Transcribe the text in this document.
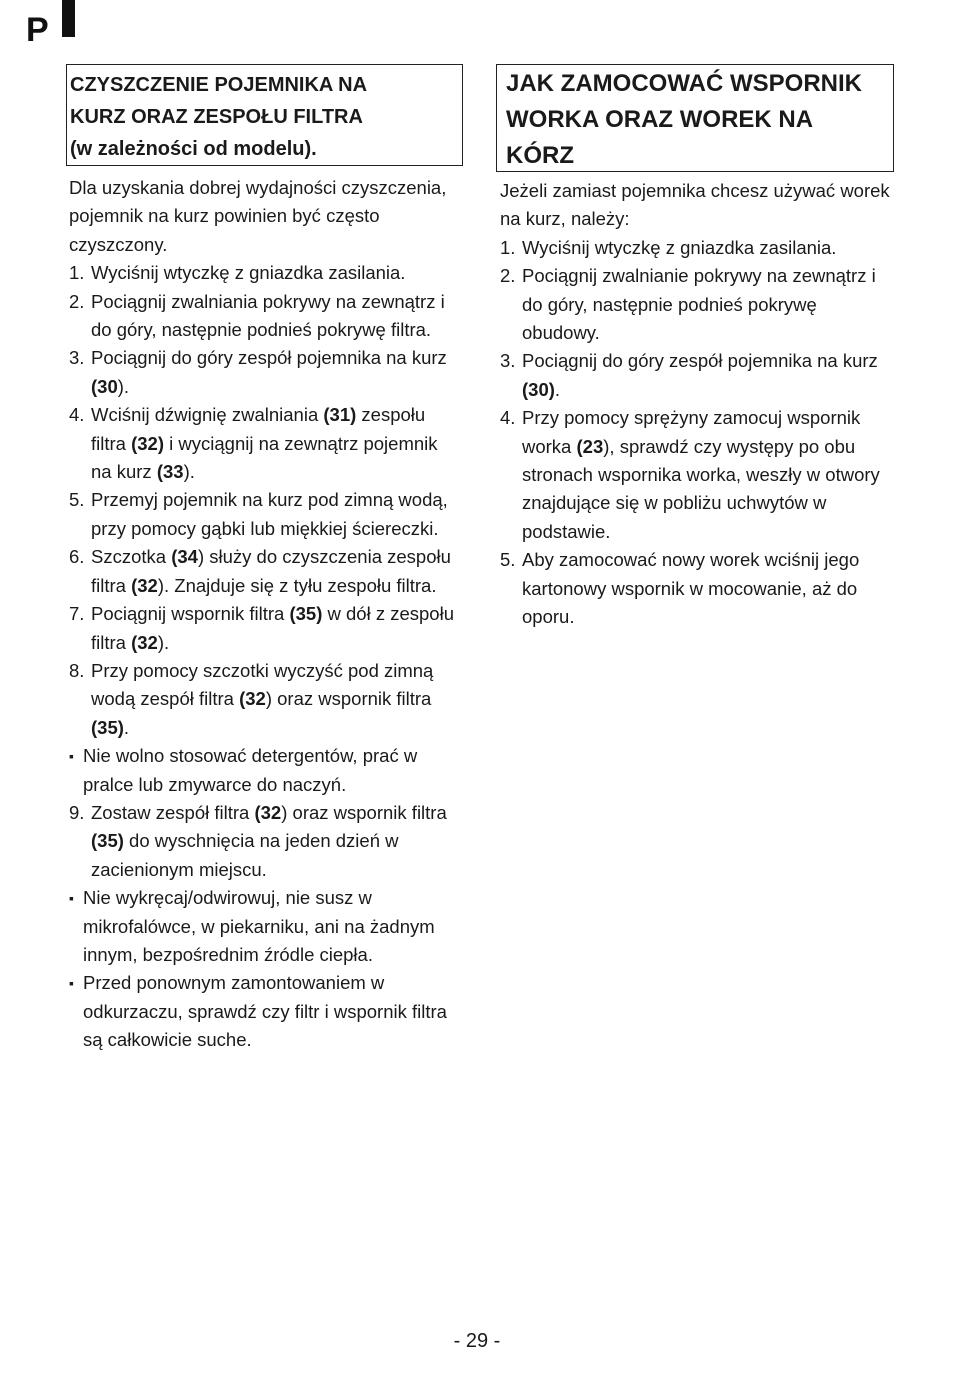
P
CZYSZCZENIE POJEMNIKA NA
KURZ ORAZ ZESPOŁU FILTRA
(w zależności od modelu).

Dla uzyskania dobrej wydajności czyszczenia, pojemnik na kurz powinien być często czyszczony.

1. Wyciśnij wtyczkę z gniazdka zasilania.

2. Pociągnij zwalniania pokrywy na zewnątrz i do góry, następnie podnieś pokrywę filtra.

3. Pociągnij do góry zespół pojemnika na kurz (30).

4. Wciśnij dźwignię zwalniania (31) zespołu filtra (32) i wyciągnij na zewnątrz pojemnik na kurz (33).

5. Przemyj pojemnik na kurz pod zimną wodą, przy pomocy gąbki lub miękkiej ściereczki.

6. Szczotka (34) służy do czyszczenia zespołu filtra (32). Znajduje się z tyłu zespołu filtra.

7. Pociągnij wspornik filtra (35) w dół z zespołu filtra (32).

8. Przy pomocy szczotki wyczyść pod zimną wodą zespół filtra (32) oraz wspornik filtra (35).

▪ Nie wolno stosować detergentów, prać w pralce lub zmywarce do naczyń.

9. Zostaw zespół filtra (32) oraz wspornik filtra (35) do wyschnięcia na jeden dzień w zacienionym miejscu.

▪ Nie wykręcaj/odwirowuj, nie susz w mikrofalówce, w piekarniku, ani na żadnym innym, bezpośrednim źródle ciepła.

▪ Przed ponownym zamontowaniem w odkurzaczu, sprawdź czy filtr i wspornik filtra są całkowicie suche.

JAK ZAMOCOWAĆ WSPORNIK
WORKA ORAZ WOREK NA
KÓRZ

Jeżeli zamiast pojemnika chcesz używać worek na kurz, należy:

1. Wyciśnij wtyczkę z gniazdka zasilania.

2. Pociągnij zwalnianie pokrywy na zewnątrz i do góry, następnie podnieś pokrywę obudowy.

3. Pociągnij do góry zespół pojemnika na kurz (30).

4. Przy pomocy sprężyny zamocuj wspornik worka (23), sprawdź czy występy po obu stronach wspornika worka, weszły w otwory znajdujące się w pobliżu uchwytów w podstawie.

5. Aby zamocować nowy worek wciśnij jego kartonowy wspornik w mocowanie, aż do oporu.

- 29 -
